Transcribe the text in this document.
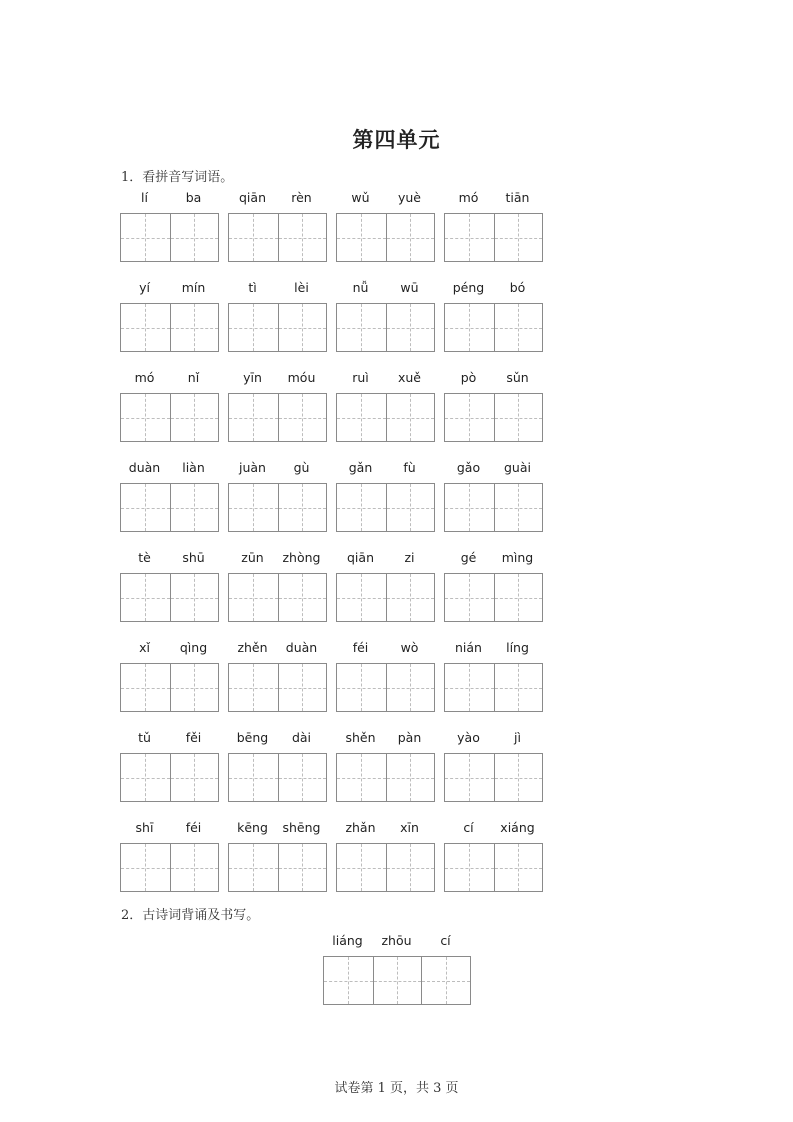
第四单元
1．看拼音写词语。
lí	ba	qiān	rèn	wǔ	yuè	mó	tiān
yí	mín	tì	lèi	nǚ	wū	péng	bó
mó	nǐ	yīn	móu	ruì	xuě	pò	sǔn
duàn	liàn	juàn	gù	gǎn	fù	gǎo	guài
tè	shū	zūn	zhòng	qiān	zi	gé	mìng
xǐ	qìng	zhěn	duàn	féi	wò	nián	líng
tǔ	fěi	bēng	dài	shěn	pàn	yào	jì
shī	féi	kēng	shēng	zhǎn	xīn	cí	xiáng
2．古诗词背诵及书写。
liáng	zhōu	cí
试卷第 1 页，共 3 页
